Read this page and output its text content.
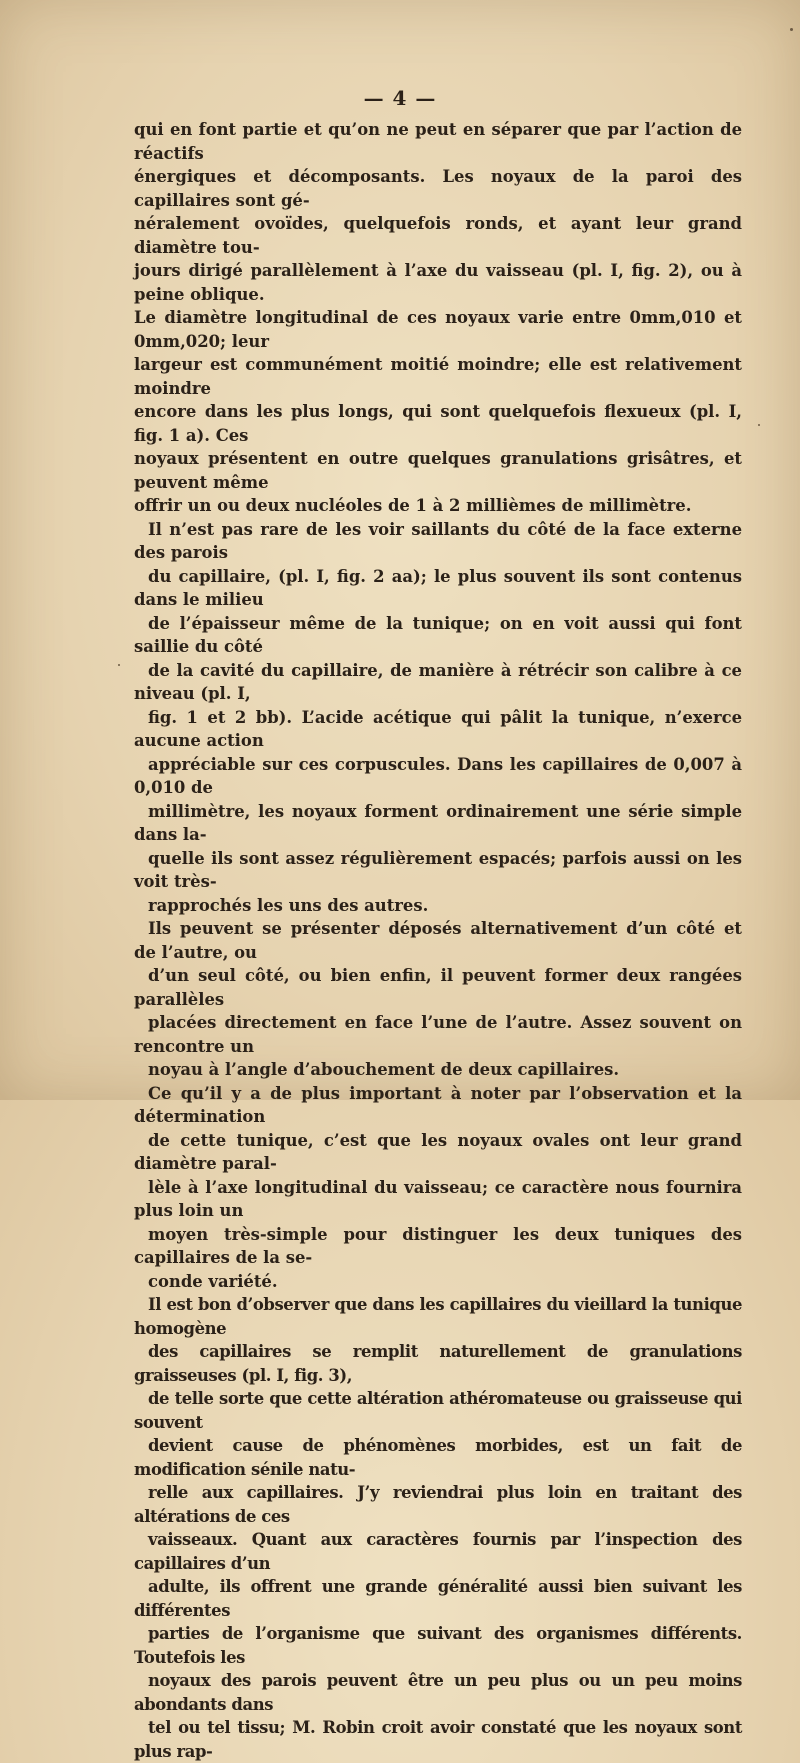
— 4 —

qui en font partie et qu’on ne peut en séparer que par l’action de réactifs
énergiques et décomposants. Les noyaux de la paroi des capillaires sont gé-
néralement ovoïdes, quelquefois ronds, et ayant leur grand diamètre tou-
jours dirigé parallèlement à l’axe du vaisseau (pl. I, fig. 2), ou à peine oblique.
Le diamètre longitudinal de ces noyaux varie entre 0mm,010 et 0mm,020; leur
largeur est communément moitié moindre; elle est relativement moindre
encore dans les plus longs, qui sont quelquefois flexueux (pl. I, fig. 1 a). Ces
noyaux présentent en outre quelques granulations grisâtres, et peuvent même
offrir un ou deux nucléoles de 1 à 2 millièmes de millimètre.

Il n’est pas rare de les voir saillants du côté de la face externe des parois
du capillaire, (pl. I, fig. 2 aa); le plus souvent ils sont contenus dans le milieu
de l’épaisseur même de la tunique; on en voit aussi qui font saillie du côté
de la cavité du capillaire, de manière à rétrécir son calibre à ce niveau (pl. I,
fig. 1 et 2 bb). L’acide acétique qui pâlit la tunique, n’exerce aucune action
appréciable sur ces corpuscules. Dans les capillaires de 0,007 à 0,010 de
millimètre, les noyaux forment ordinairement une série simple dans la-
quelle ils sont assez régulièrement espacés; parfois aussi on les voit très-
rapprochés les uns des autres.

Ils peuvent se présenter déposés alternativement d’un côté et de l’autre, ou
d’un seul côté, ou bien enfin, il peuvent former deux rangées parallèles
placées directement en face l’une de l’autre. Assez souvent on rencontre un
noyau à l’angle d’abouchement de deux capillaires.

Ce qu’il y a de plus important à noter par l’observation et la détermination
de cette tunique, c’est que les noyaux ovales ont leur grand diamètre paral-
lèle à l’axe longitudinal du vaisseau; ce caractère nous fournira plus loin un
moyen très-simple pour distinguer les deux tuniques des capillaires de la se-
conde variété.

Il est bon d’observer que dans les capillaires du vieillard la tunique homogène
des capillaires se remplit naturellement de granulations graisseuses (pl. I, fig. 3),
de telle sorte que cette altération athéromateuse ou graisseuse qui souvent
devient cause de phénomènes morbides, est un fait de modification sénile natu-
relle aux capillaires. J’y reviendrai plus loin en traitant des altérations de ces
vaisseaux. Quant aux caractères fournis par l’inspection des capillaires d’un
adulte, ils offrent une grande généralité aussi bien suivant les différentes
parties de l’organisme que suivant des organismes différents. Toutefois les
noyaux des parois peuvent être un peu plus ou un peu moins abondants dans
tel ou tel tissu; M. Robin croit avoir constaté que les noyaux sont plus rap-
